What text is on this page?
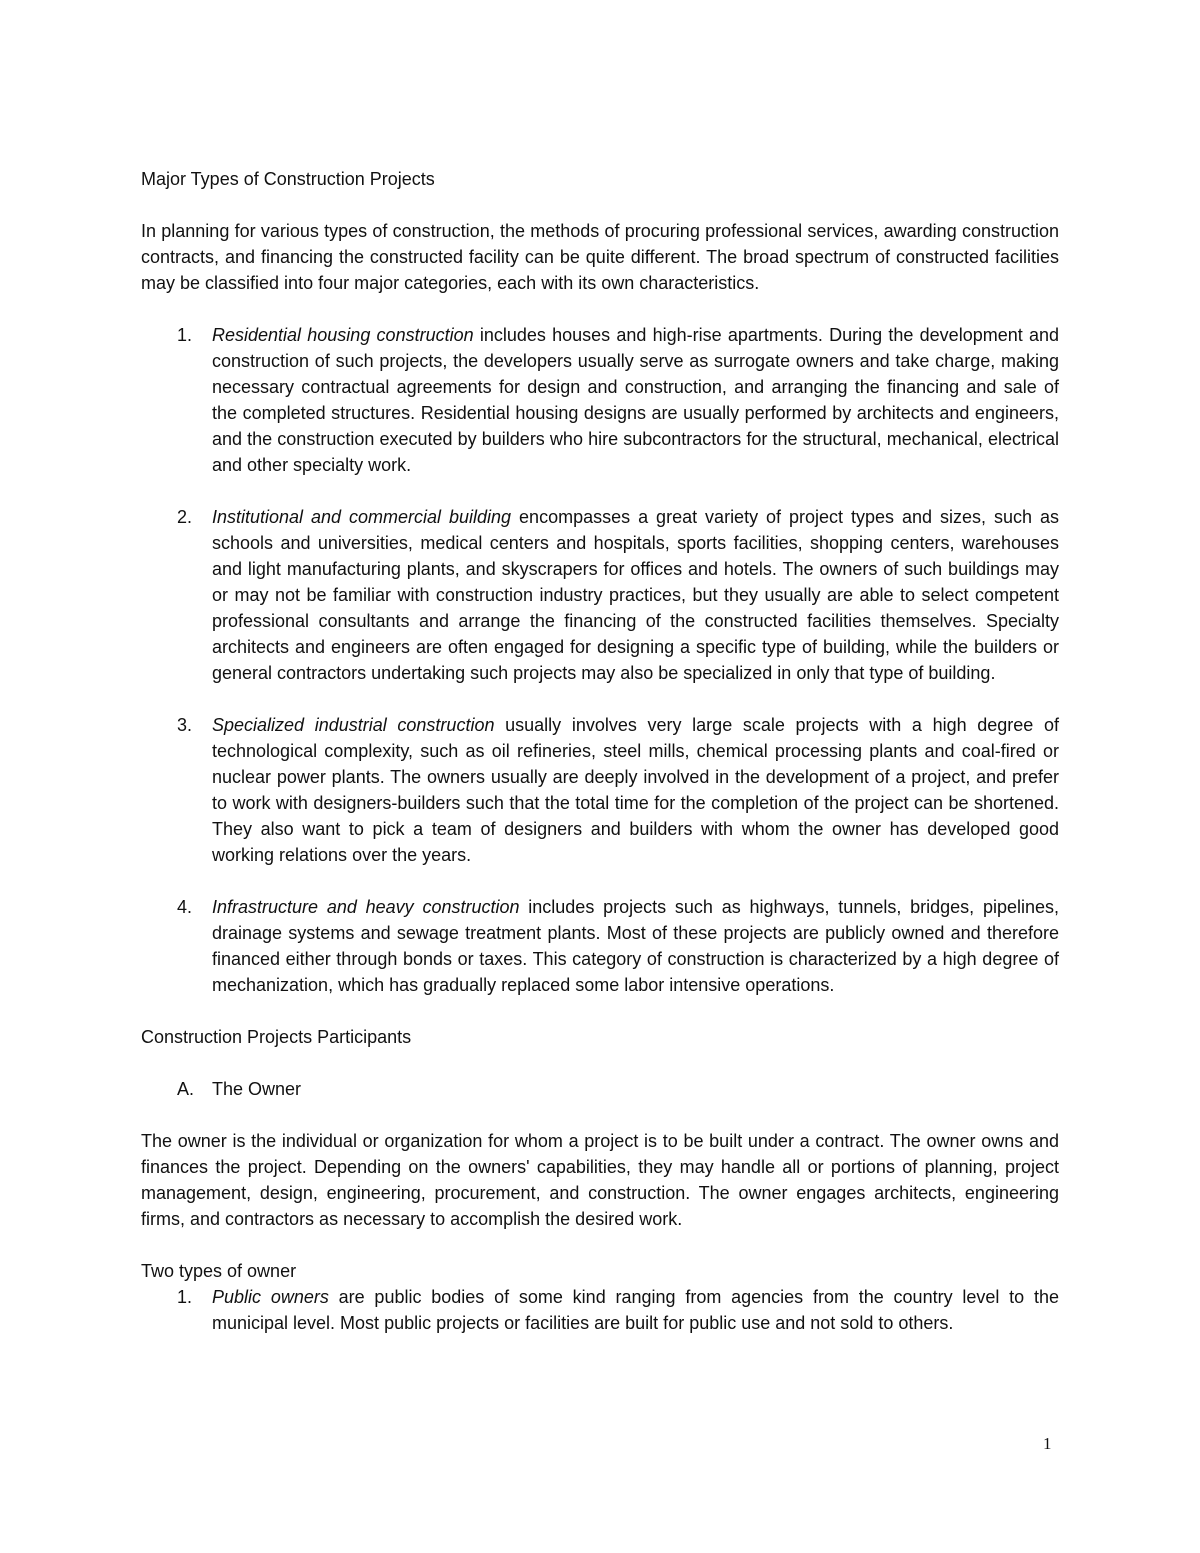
Major Types of Construction Projects

In planning for various types of construction, the methods of procuring professional services, awarding construction contracts, and financing the constructed facility can be quite different. The broad spectrum of constructed facilities may be classified into four major categories, each with its own characteristics.

1. Residential housing construction includes houses and high-rise apartments. During the development and construction of such projects, the developers usually serve as surrogate owners and take charge, making necessary contractual agreements for design and construction, and arranging the financing and sale of the completed structures. Residential housing designs are usually performed by architects and engineers, and the construction executed by builders who hire subcontractors for the structural, mechanical, electrical and other specialty work.
2. Institutional and commercial building encompasses a great variety of project types and sizes, such as schools and universities, medical centers and hospitals, sports facilities, shopping centers, warehouses and light manufacturing plants, and skyscrapers for offices and hotels. The owners of such buildings may or may not be familiar with construction industry practices, but they usually are able to select competent professional consultants and arrange the financing of the constructed facilities themselves. Specialty architects and engineers are often engaged for designing a specific type of building, while the builders or general contractors undertaking such projects may also be specialized in only that type of building.
3. Specialized industrial construction usually involves very large scale projects with a high degree of technological complexity, such as oil refineries, steel mills, chemical processing plants and coal-fired or nuclear power plants. The owners usually are deeply involved in the development of a project, and prefer to work with designers-builders such that the total time for the completion of the project can be shortened. They also want to pick a team of designers and builders with whom the owner has developed good working relations over the years.
4. Infrastructure and heavy construction includes projects such as highways, tunnels, bridges, pipelines, drainage systems and sewage treatment plants. Most of these projects are publicly owned and therefore financed either through bonds or taxes. This category of construction is characterized by a high degree of mechanization, which has gradually replaced some labor intensive operations.

Construction Projects Participants

A. The Owner

The owner is the individual or organization for whom a project is to be built under a contract. The owner owns and finances the project. Depending on the owners' capabilities, they may handle all or portions of planning, project management, design, engineering, procurement, and construction. The owner engages architects, engineering firms, and contractors as necessary to accomplish the desired work.

Two types of owner

1. Public owners are public bodies of some kind ranging from agencies from the country level to the municipal level. Most public projects or facilities are built for public use and not sold to others.
1
